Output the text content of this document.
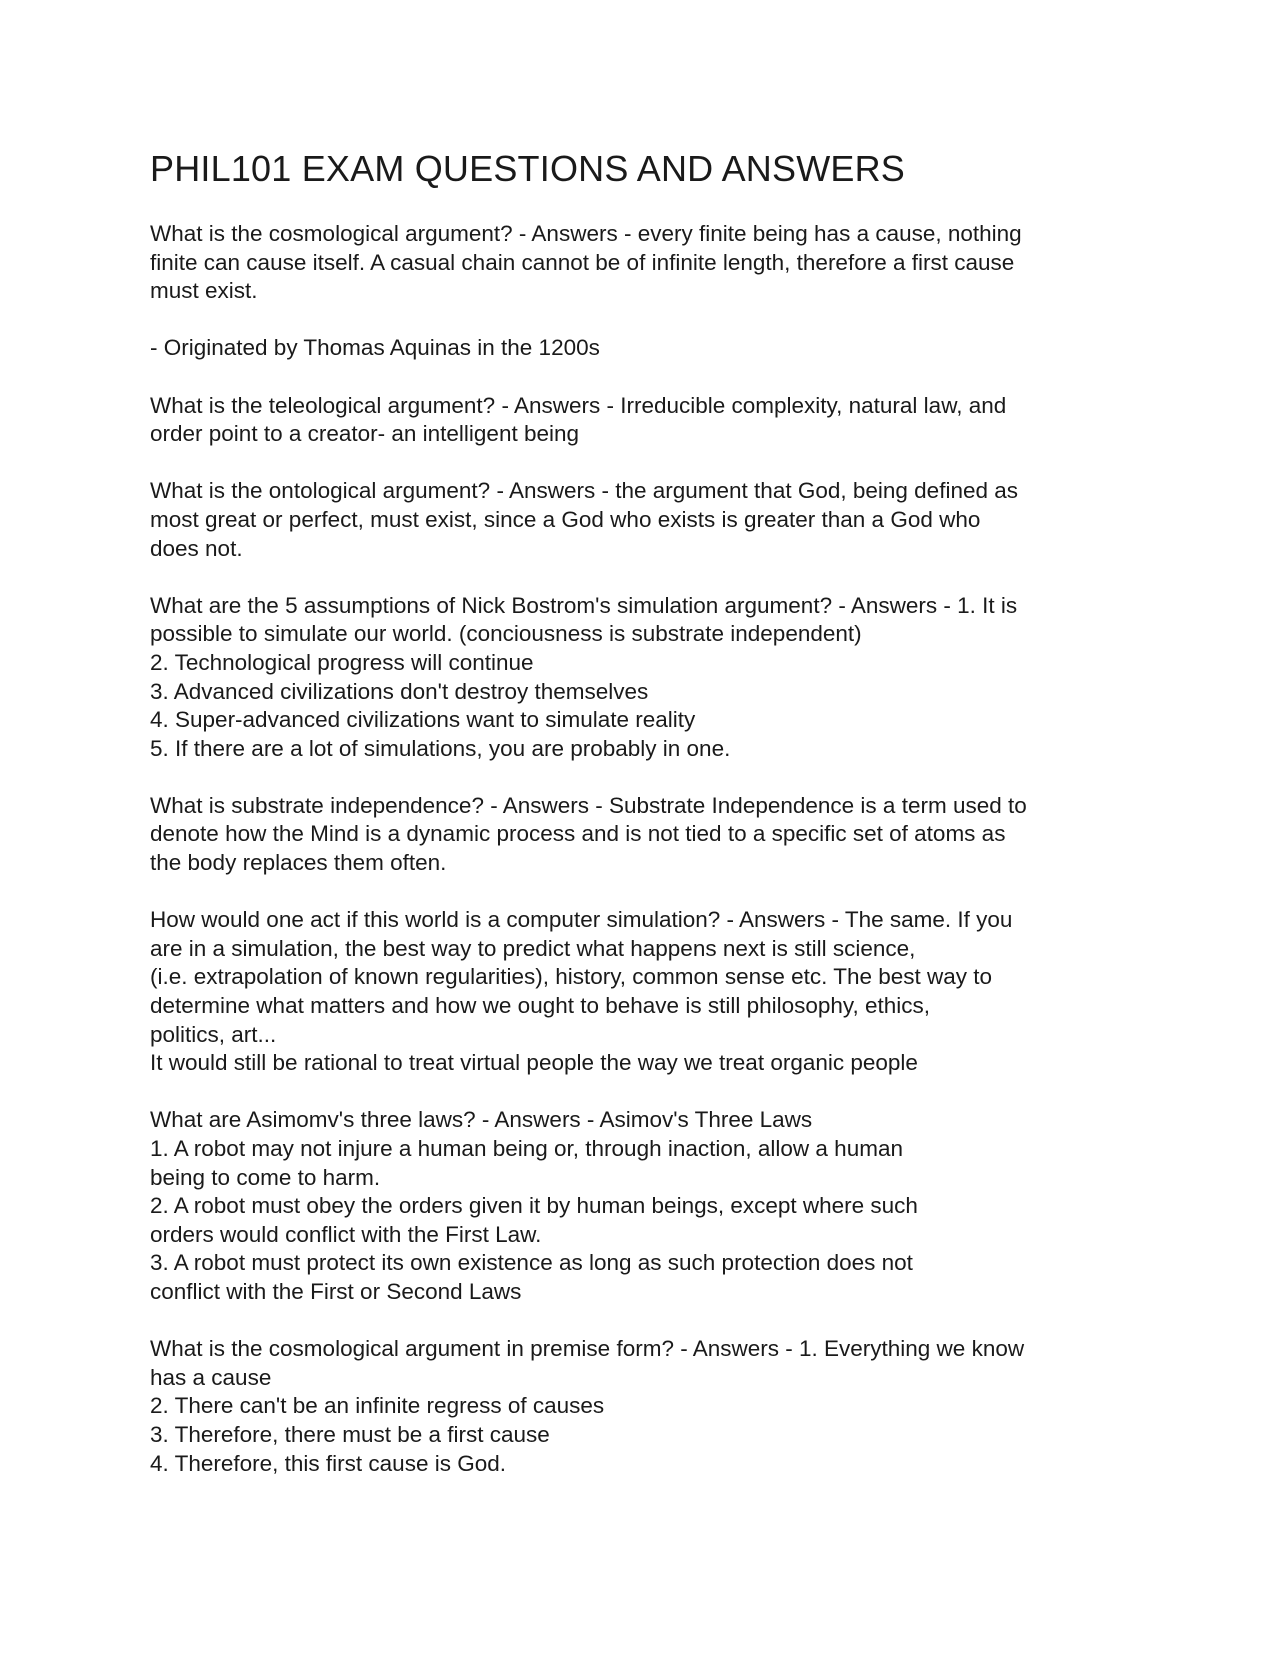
PHIL101 EXAM QUESTIONS AND ANSWERS
What is the cosmological argument? - Answers - every finite being has a cause, nothing
finite can cause itself. A casual chain cannot be of infinite length, therefore a first cause
must exist.
- Originated by Thomas Aquinas in the 1200s
What is the teleological argument? - Answers - Irreducible complexity, natural law, and
order point to a creator- an intelligent being
What is the ontological argument? - Answers - the argument that God, being defined as
most great or perfect, must exist, since a God who exists is greater than a God who
does not.
What are the 5 assumptions of Nick Bostrom's simulation argument? - Answers - 1. It is
possible to simulate our world. (conciousness is substrate independent)
2. Technological progress will continue
3. Advanced civilizations don't destroy themselves
4. Super-advanced civilizations want to simulate reality
5. If there are a lot of simulations, you are probably in one.
What is substrate independence? - Answers - Substrate Independence is a term used to
denote how the Mind is a dynamic process and is not tied to a specific set of atoms as
the body replaces them often.
How would one act if this world is a computer simulation? - Answers - The same. If you
are in a simulation, the best way to predict what happens next is still science,
(i.e. extrapolation of known regularities), history, common sense etc. The best way to
determine what matters and how we ought to behave is still philosophy, ethics,
politics, art...
It would still be rational to treat virtual people the way we treat organic people
What are Asimomv's three laws? - Answers - Asimov's Three Laws
1. A robot may not injure a human being or, through inaction, allow a human
being to come to harm.
2. A robot must obey the orders given it by human beings, except where such
orders would conflict with the First Law.
3. A robot must protect its own existence as long as such protection does not
conflict with the First or Second Laws
What is the cosmological argument in premise form? - Answers - 1. Everything we know
has a cause
2. There can't be an infinite regress of causes
3. Therefore, there must be a first cause
4. Therefore, this first cause is God.
